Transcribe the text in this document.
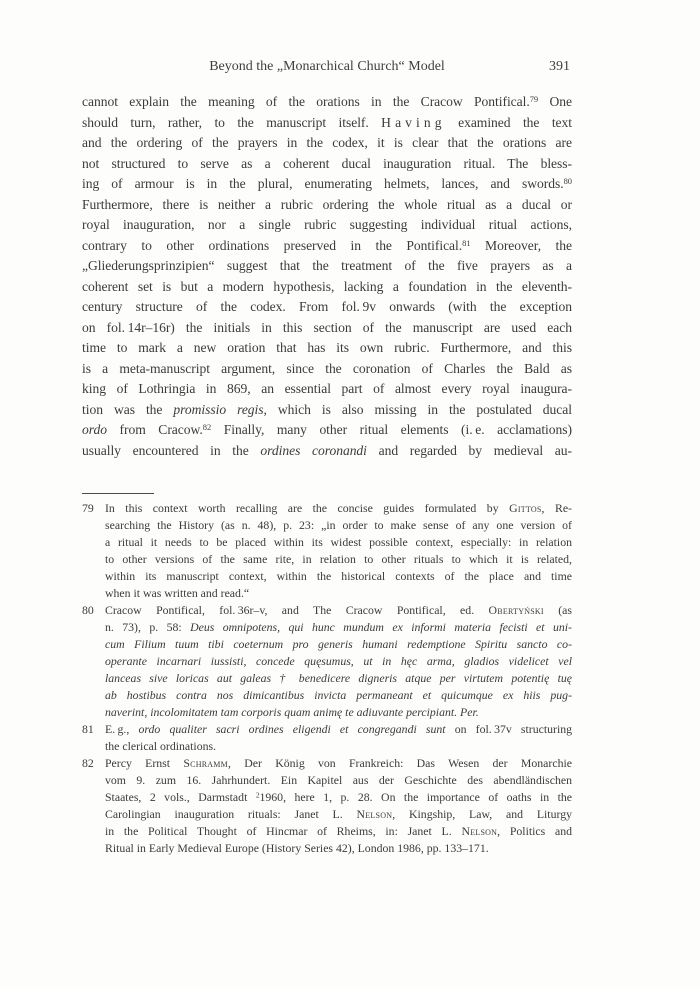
Beyond the „Monarchical Church“ Model	391
cannot explain the meaning of the orations in the Cracow Pontifical.$^{79}$ One
should turn, rather, to the manuscript itself. Having examined the text
and the ordering of the prayers in the codex, it is clear that the orations are
not structured to serve as a coherent ducal inauguration ritual. The bless-
ing of armour is in the plural, enumerating helmets, lances, and swords.$^{80}$
Furthermore, there is neither a rubric ordering the whole ritual as a ducal or
royal inauguration, nor a single rubric suggesting individual ritual actions,
contrary to other ordinations preserved in the Pontifical.$^{81}$ Moreover, the
„Gliederungsprinzipien“ suggest that the treatment of the five prayers as a
coherent set is but a modern hypothesis, lacking a foundation in the eleventh-
century structure of the codex. From fol. 9v onwards (with the exception
on fol. 14r–16r) the initials in this section of the manuscript are used each
time to mark a new oration that has its own rubric. Furthermore, and this
is a meta-manuscript argument, since the coronation of Charles the Bald as
king of Lothringia in 869, an essential part of almost every royal inaugura-
tion was the promissio regis, which is also missing in the postulated ducal
ordo from Cracow.$^{82}$ Finally, many other ritual elements (i. e. acclamations)
usually encountered in the ordines coronandi and regarded by medieval au-
79 In this context worth recalling are the concise guides formulated by Gittos, Re-
searching the History (as n. 48), p. 23: „in order to make sense of any one version of
a ritual it needs to be placed within its widest possible context, especially: in relation
to other versions of the same rite, in relation to other rituals to which it is related,
within its manuscript context, within the historical contexts of the place and time
when it was written and read.“
80 Cracow Pontifical, fol. 36r–v, and The Cracow Pontifical, ed. Obertyński (as
n. 73), p. 58: Deus omnipotens, qui hunc mundum ex informi materia fecisti et uni-
cum Filium tuum tibi coeternum pro generis humani redemptione Spiritu sancto co-
operante incarnari iussisti, concede quęsumus, ut in hęc arma, gladios videlicet vel
lanceas sive loricas aut galeas † benedicere digneris atque per virtutem potentię tuę
ab hostibus contra nos dimicantibus invicta permaneant et quicumque ex hiis pug-
naverint, incolomitatem tam corporis quam animę te adiuvante percipiant. Per.
81 E. g., ordo qualiter sacri ordines eligendi et congregandi sunt on fol. 37v structuring
the clerical ordinations.
82 Percy Ernst Schramm, Der König von Frankreich: Das Wesen der Monarchie
vom 9. zum 16. Jahrhundert. Ein Kapitel aus der Geschichte des abendländischen
Staates, 2 vols., Darmstadt $^2$1960, here 1, p. 28. On the importance of oaths in the
Carolingian inauguration rituals: Janet L. Nelson, Kingship, Law, and Liturgy
in the Political Thought of Hincmar of Rheims, in: Janet L. Nelson, Politics and
Ritual in Early Medieval Europe (History Series 42), London 1986, pp. 133–171.
